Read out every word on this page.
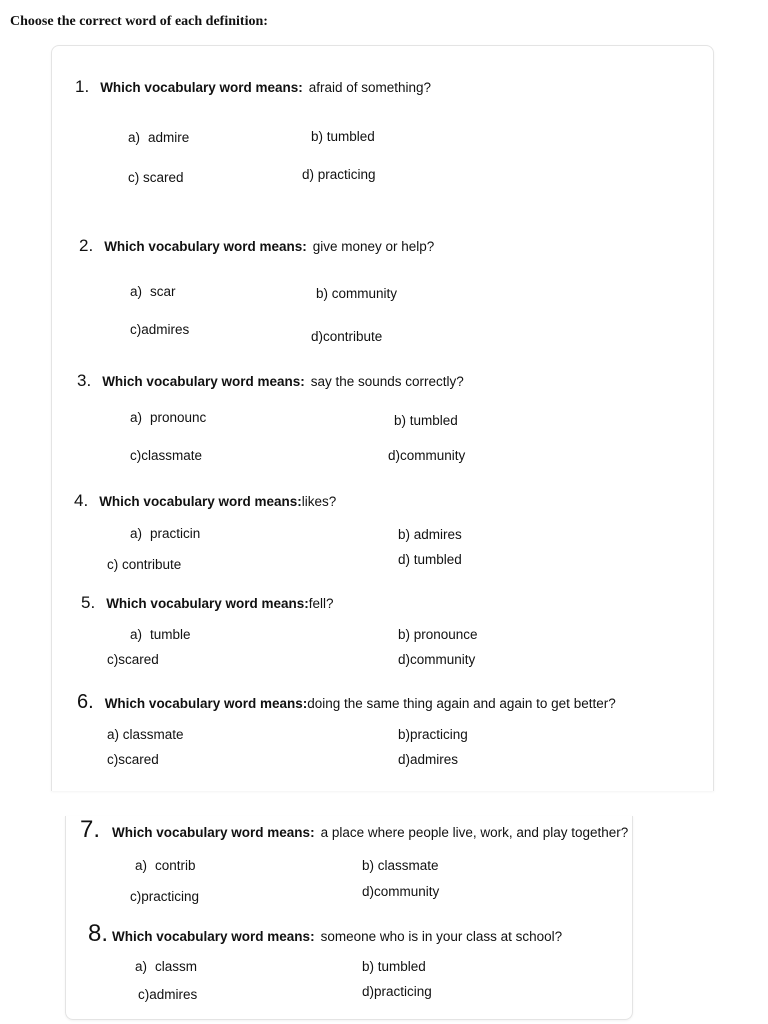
Choose the correct word of each definition:
1. Which vocabulary word means: afraid of something?
a) admire	b) tumbled
c) scared	d) practicing
2. Which vocabulary word means: give money or help?
a) scar	b) community
c)admires	d)contribute
3. Which vocabulary word means: say the sounds correctly?
a) pronounc	b) tumbled
c)classmate	d)community
4. Which vocabulary word means: likes?
a) practicin	b) admires
c) contribute	d) tumbled
5. Which vocabulary word means: fell?
a) tumble	b) pronounce
c)scared	d)community
6. Which vocabulary word means: doing the same thing again and again to get better?
a) classmate	b)practicing
c)scared	d)admires
7. Which vocabulary word means: a place where people live, work, and play together?
a) contrib	b) classmate
c)practicing	d)community
8. Which vocabulary word means: someone who is in your class at school?
a) classm	b) tumbled
c)admires	d)practicing
